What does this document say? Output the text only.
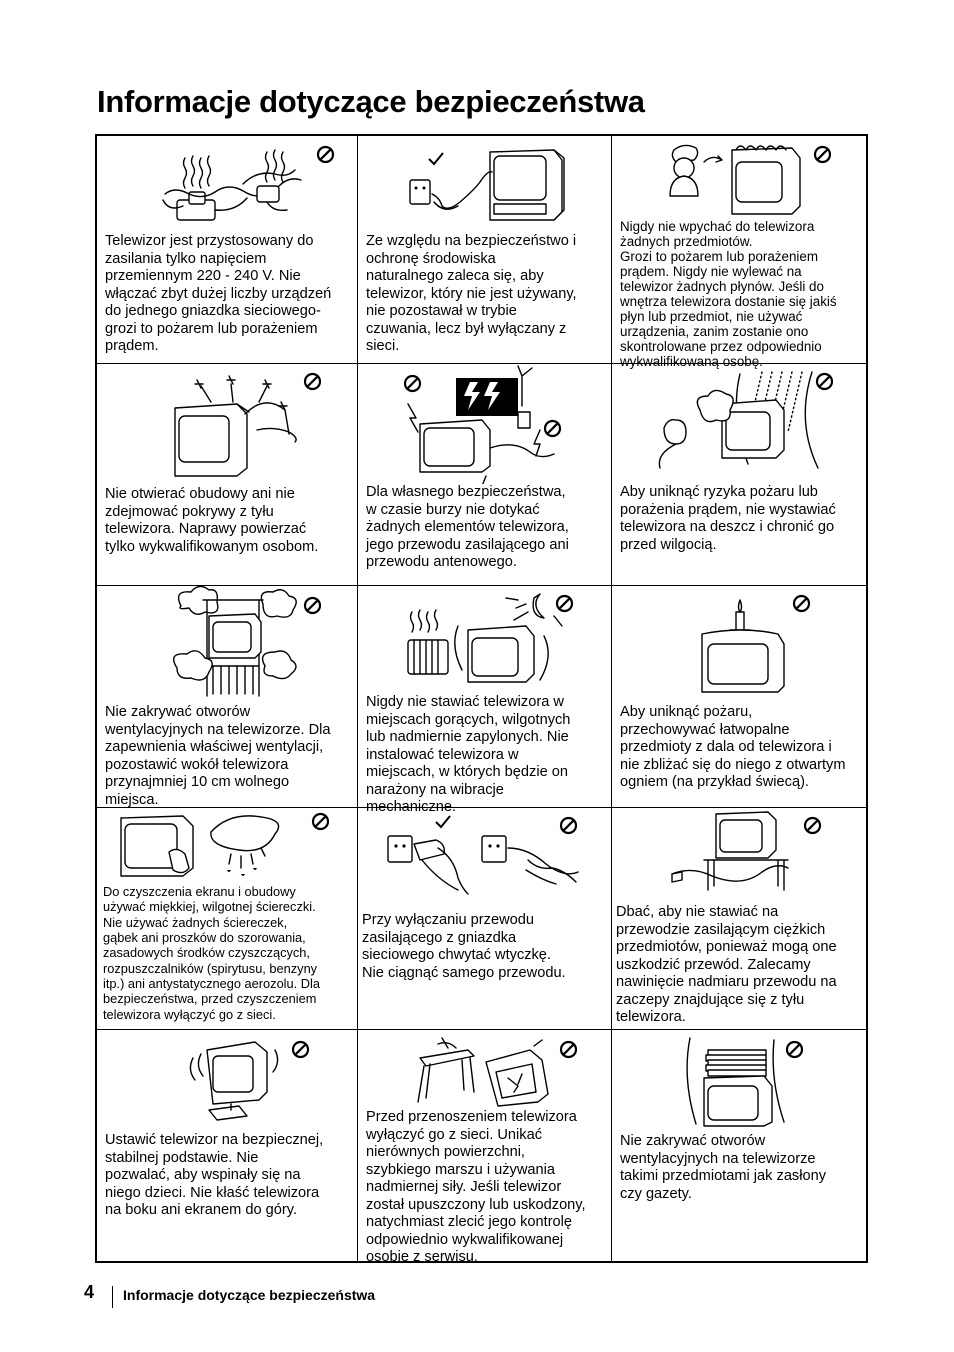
Informacje dotyczące bezpieczeństwa
Telewizor jest przystosowany do
zasilania tylko napięciem
przemiennym 220 - 240 V. Nie
włączać zbyt dużej liczby urządzeń
do jednego gniazdka sieciowego-
grozi to pożarem lub porażeniem
prądem.
Ze względu na bezpieczeństwo i
ochronę środowiska
naturalnego zaleca się, aby
telewizor, który nie jest używany,
nie pozostawał w trybie
czuwania, lecz był wyłączany z
sieci.
Nigdy nie wpychać do telewizora
żadnych przedmiotów.
Grozi to pożarem lub porażeniem
prądem. Nigdy nie wylewać na
telewizor żadnych płynów. Jeśli do
wnętrza telewizora dostanie się jakiś
płyn lub przedmiot, nie używać
urządzenia, zanim zostanie ono
skontrolowane przez odpowiednio
wykwalifikowaną osobę.
Nie otwierać obudowy ani nie
zdejmować pokrywy z tyłu
telewizora. Naprawy powierzać
tylko wykwalifikowanym osobom.
Dla własnego bezpieczeństwa,
w czasie burzy nie dotykać
żadnych elementów telewizora,
jego przewodu zasilającego ani
przewodu antenowego.
Aby uniknąć ryzyka pożaru lub
porażenia prądem, nie wystawiać
telewizora na deszcz i chronić go
przed wilgocią.
Nie zakrywać otworów
wentylacyjnych na telewizorze. Dla
zapewnienia właściwej wentylacji,
pozostawić wokół telewizora
przynajmniej 10 cm wolnego
miejsca.
Nigdy nie stawiać telewizora w
miejscach gorących, wilgotnych
lub nadmiernie zapylonych. Nie
instalować telewizora w
miejscach, w których będzie on
narażony na wibracje
mechaniczne.
Aby uniknąć pożaru,
przechowywać łatwopalne
przedmioty z dala od telewizora i
nie zbliżać się do niego z otwartym
ogniem (na przykład świecą).
Do czyszczenia ekranu i obudowy
używać miękkiej, wilgotnej ściereczki.
Nie używać żadnych ściereczek,
gąbek ani proszków do szorowania,
zasadowych środków czyszczących,
rozpuszczalników (spirytusu, benzyny
itp.) ani antystatycznego aerozolu. Dla
bezpieczeństwa, przed czyszczeniem
telewizora wyłączyć go z sieci.
Przy wyłączaniu przewodu
zasilającego z gniazdka
sieciowego chwytać wtyczkę.
Nie ciągnąć samego przewodu.
Dbać, aby nie stawiać na
przewodzie zasilającym ciężkich
przedmiotów, ponieważ mogą one
uszkodzić przewód. Zalecamy
nawinięcie nadmiaru przewodu na
zaczepy znajdujące się z tyłu
telewizora.
Ustawić telewizor na bezpiecznej,
stabilnej podstawie. Nie
pozwalać, aby wspinały się na
niego dzieci. Nie kłaść telewizora
na boku ani ekranem do góry.
Przed przenoszeniem telewizora
wyłączyć go z sieci. Unikać
nierównych powierzchni,
szybkiego marszu i używania
nadmiernej siły. Jeśli telewizor
został upuszczony lub uskodzony,
natychmiast zlecić jego kontrolę
odpowiednio wykwalifikowanej
osobie z serwisu.
Nie zakrywać otworów
wentylacyjnych na telewizorze
takimi przedmiotami jak zasłony
czy gazety.
4 Informacje dotyczące bezpieczeństwa
